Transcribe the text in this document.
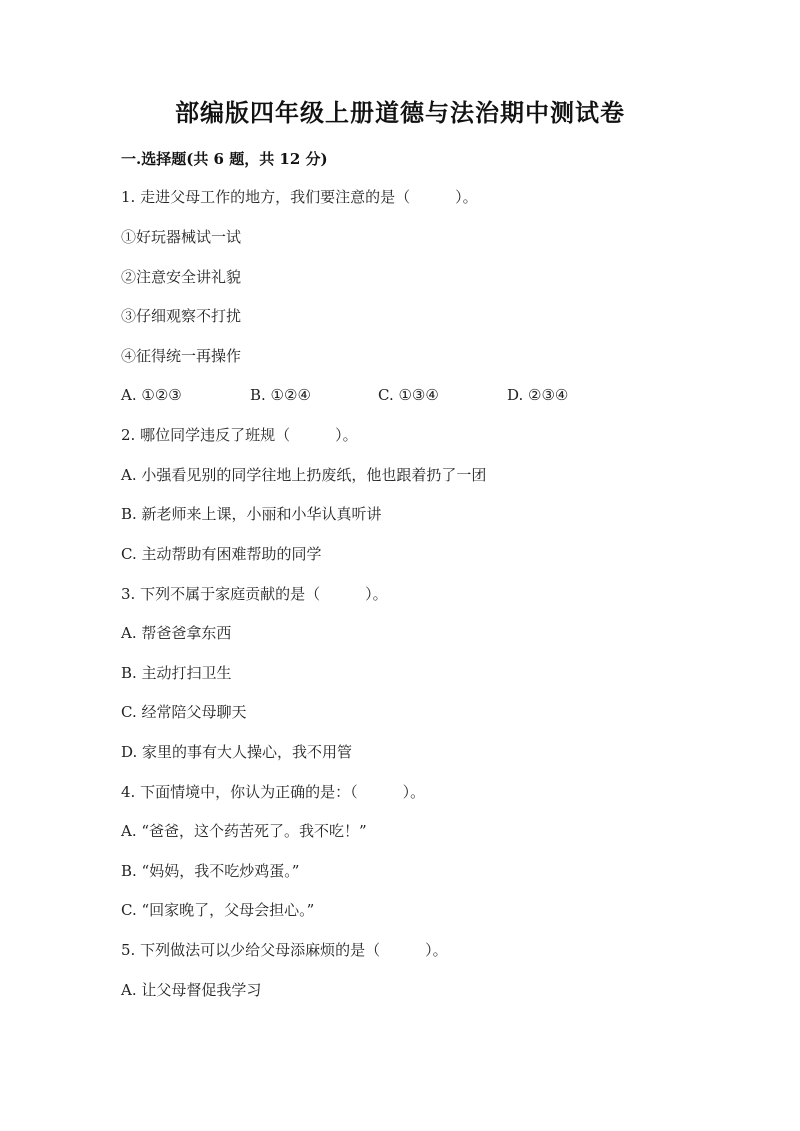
部编版四年级上册道德与法治期中测试卷
一.选择题(共 6 题，共 12 分)
1. 走进父母工作的地方，我们要注意的是（　　　）。
①好玩器械试一试
②注意安全讲礼貌
③仔细观察不打扰
④征得统一再操作
A. ①②③	B. ①②④	C. ①③④	D. ②③④
2. 哪位同学违反了班规（　　　）。
A. 小强看见别的同学往地上扔废纸，他也跟着扔了一团
B. 新老师来上课，小丽和小华认真听讲
C. 主动帮助有困难帮助的同学
3. 下列不属于家庭贡献的是（　　　）。
A. 帮爸爸拿东西
B. 主动打扫卫生
C. 经常陪父母聊天
D. 家里的事有大人操心，我不用管
4. 下面情境中，你认为正确的是：（　　　）。
A. “爸爸，这个药苦死了。我不吃！”
B. “妈妈，我不吃炒鸡蛋。”
C. “回家晚了，父母会担心。”
5. 下列做法可以少给父母添麻烦的是（　　　）。
A. 让父母督促我学习
